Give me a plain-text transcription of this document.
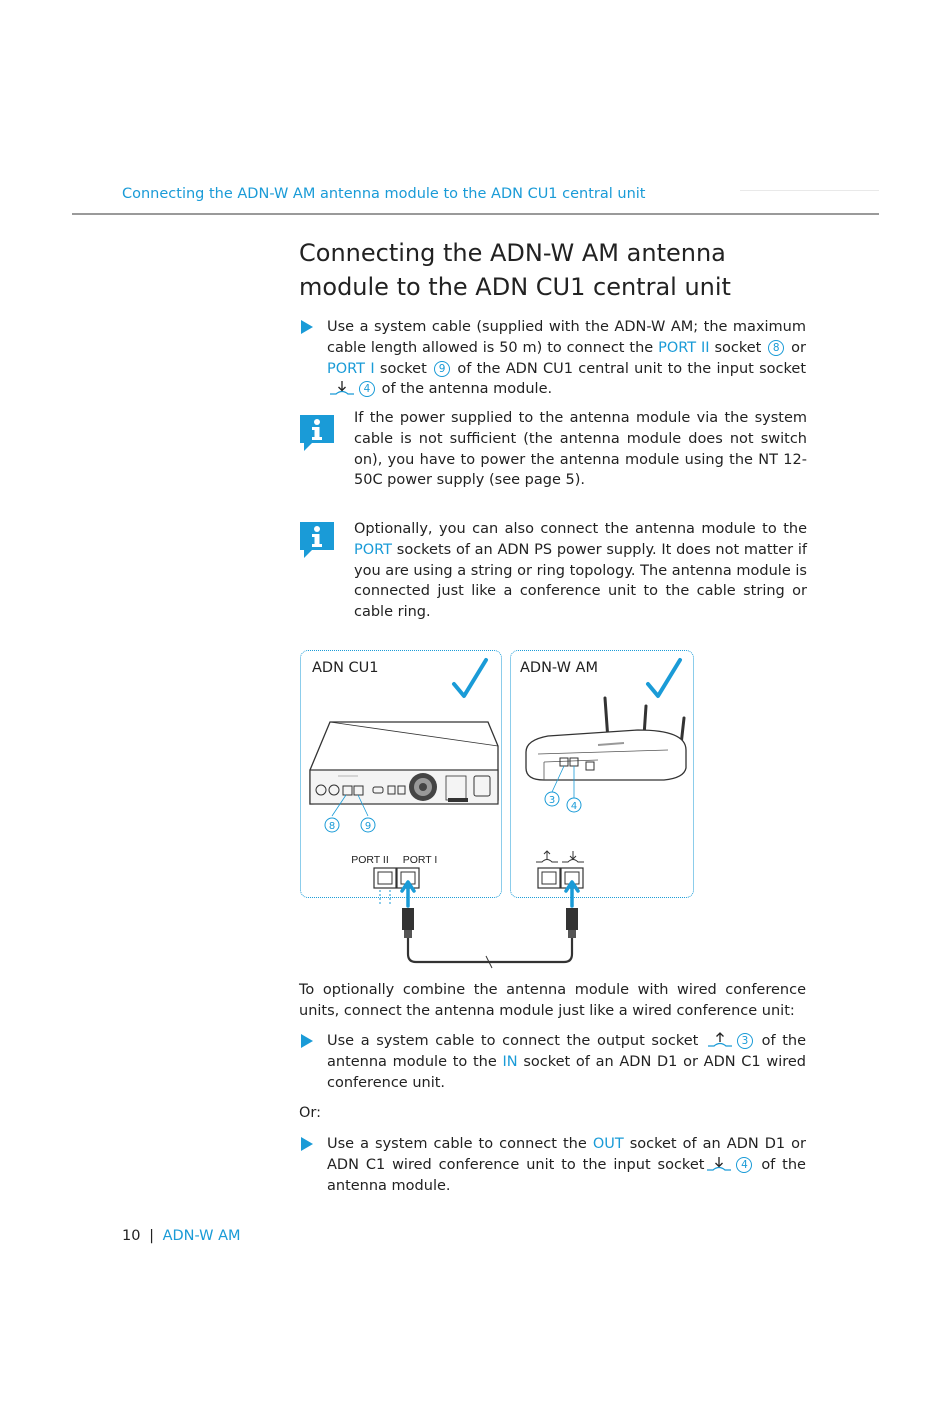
Connecting the ADN-W AM antenna module to the ADN CU1 central unit
Connecting the ADN-W AM antenna module to the ADN CU1 central unit
Use a system cable (supplied with the ADN-W AM; the maximum cable length allowed is 50 m) to connect the PORT II socket 8 or PORT I socket 9 of the ADN CU1 central unit to the input socket 4 of the antenna module.
If the power supplied to the antenna module via the system cable is not sufficient (the antenna module does not switch on), you have to power the antenna module using the NT 12-50C power supply (see page 5).
Optionally, you can also connect the antenna module to the PORT sockets of an ADN PS power supply. It does not matter if you are using a string or ring topology. The antenna module is connected just like a conference unit to the cable string or cable ring.
ADN CU1	ADN-W AM
8	9
3
4
PORT II PORT I
To optionally combine the antenna module with wired conference units, connect the antenna module just like a wired conference unit:
Use a system cable to connect the output socket	3 of the antenna module to the IN socket of an ADN D1 or ADN C1 wired conference unit.
Or:
Use a system cable to connect the OUT socket of an ADN D1 or ADN C1 wired conference unit to the input socket	4 of the antenna module.
10 | ADN-W AM
